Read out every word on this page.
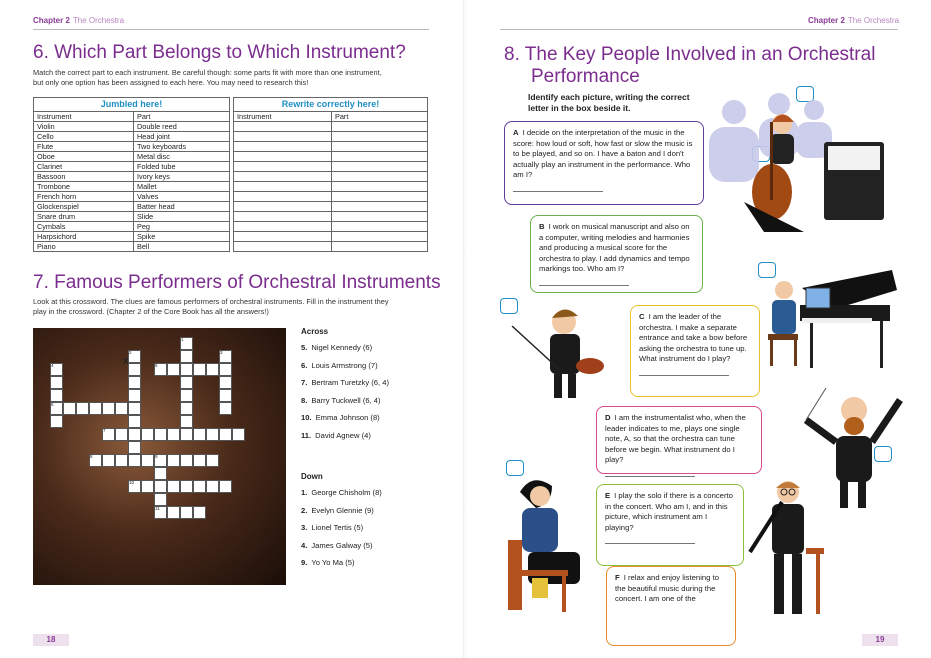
Chapter 2 The Orchestra
6. Which Part Belongs to Which Instrument?
Match the correct part to each instrument. Be careful though: some parts fit with more than one instrument,
but only one option has been assigned to each here. You may need to research this!
Jumbled here!	
Instrument	Part
Violin	Double reed
Cello	Head joint
Flute	Two keyboards
Oboe	Metal disc
Clarinet	Folded tube
Bassoon	Ivory keys
Trombone	Mallet
French horn	Valves
Glockenspiel	Batter head
Snare drum	Slide
Cymbals	Peg
Harpsichord	Spike
Piano	Bell
Rewrite correctly here!	
Instrument	Part

7. Famous Performers of Orchestral Instruments
Look at this crossword. The clues are famous performers of orchestral instruments. Fill in the instrument they
play in the crossword. (Chapter 2 of the Core Book has all the answers!)
1
2	3
4	5
6
7
8	9
10
11
X
Across
5. Nigel Kennedy (6)
6. Louis Armstrong (7)
7. Bertram Turetzky (6, 4)
8. Barry Tuckwell (6, 4)
10. Emma Johnson (8)
11. David Agnew (4)
Down
1. George Chisholm (8)
2. Evelyn Glennie (9)
3. Lionel Tertis (5)
4. James Galway (5)
9. Yo Yo Ma (5)
18
Chapter 2 The Orchestra
8. The Key People Involved in an Orchestral
Performance
Identify each picture, writing the correct
letter in the box beside it.
A I decide on the interpretation of the music in the score: how loud or soft, how fast or slow the music is to be played, and so on. I have a baton and I don't actually play an instrument in the performance. Who am I?
B I work on musical manuscript and also on a computer, writing melodies and harmonies and producing a musical score for the orchestra to play. I add dynamics and tempo markings too. Who am I?
C I am the leader of the orchestra. I make a separate entrance and take a bow before asking the orchestra to tune up. What instrument do I play?
D I am the instrumentalist who, when the leader indicates to me, plays one single note, A, so that the orchestra can tune before we begin. What instrument do I play?
E I play the solo if there is a concerto in the concert. Who am I, and in this picture, which instrument am I playing?
F I relax and enjoy listening to the beautiful music during the concert. I am one of the
19
